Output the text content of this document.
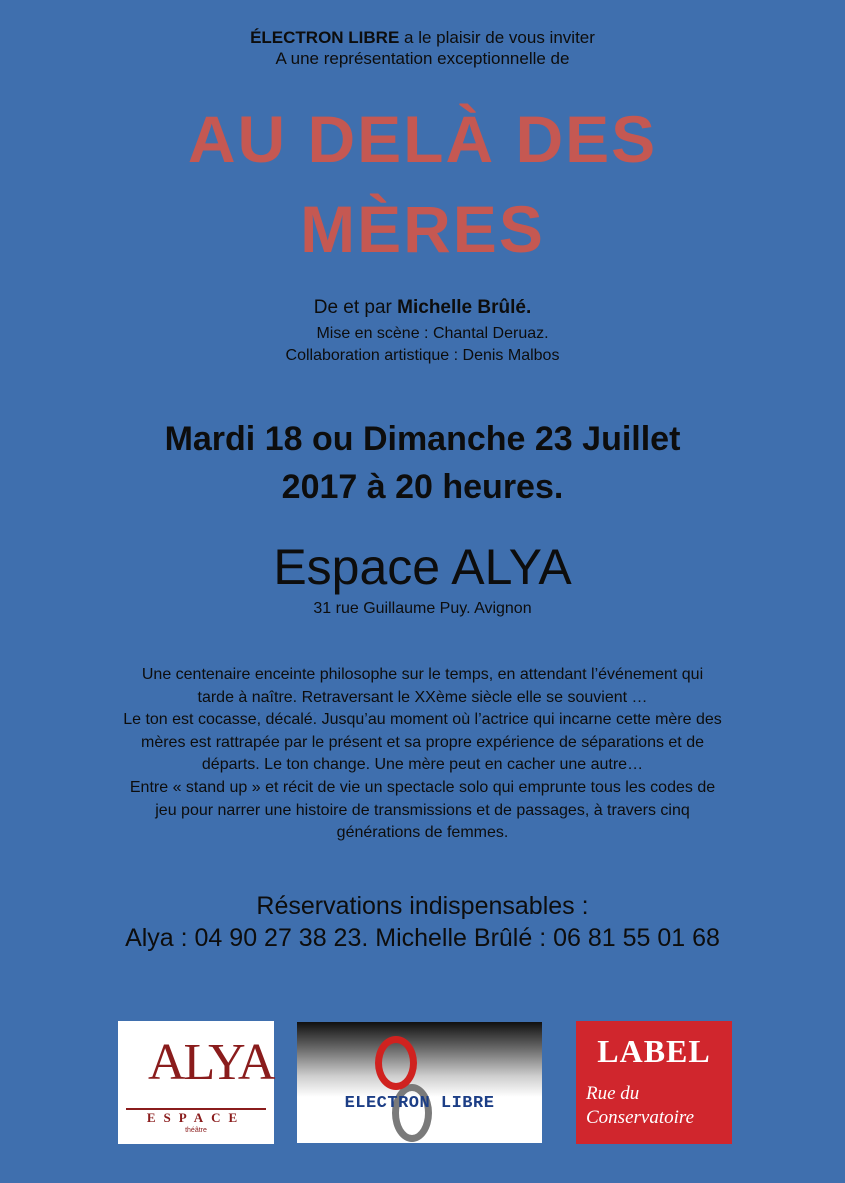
ÉLECTRON LIBRE a le plaisir de vous inviter
A une représentation exceptionnelle de
AU DELÀ DES
MÈRES
De et par Michelle Brûlé.
Mise en scène : Chantal Deruaz.
Collaboration artistique : Denis Malbos
Mardi 18 ou Dimanche 23 Juillet
2017 à 20 heures.
Espace ALYA
31 rue Guillaume Puy. Avignon
Une centenaire enceinte philosophe sur le temps, en attendant l’événement qui
tarde à naître. Retraversant le XXème siècle elle se souvient …
Le ton est cocasse, décalé. Jusqu’au moment où l’actrice qui incarne cette mère des
mères est rattrapée par le présent et sa propre expérience de séparations et de
départs. Le ton change. Une mère peut en cacher une autre…
Entre « stand up » et récit de vie un spectacle solo qui emprunte tous les codes de
jeu pour narrer une histoire de transmissions et de passages, à travers cinq
générations de femmes.
Réservations indispensables :
Alya : 04 90 27 38 23. Michelle Brûlé : 06 81 55 01 68
ALYA
ESPACE
théâtre
ELECTRON LIBRE
LABEL
Rue du
Conservatoire
